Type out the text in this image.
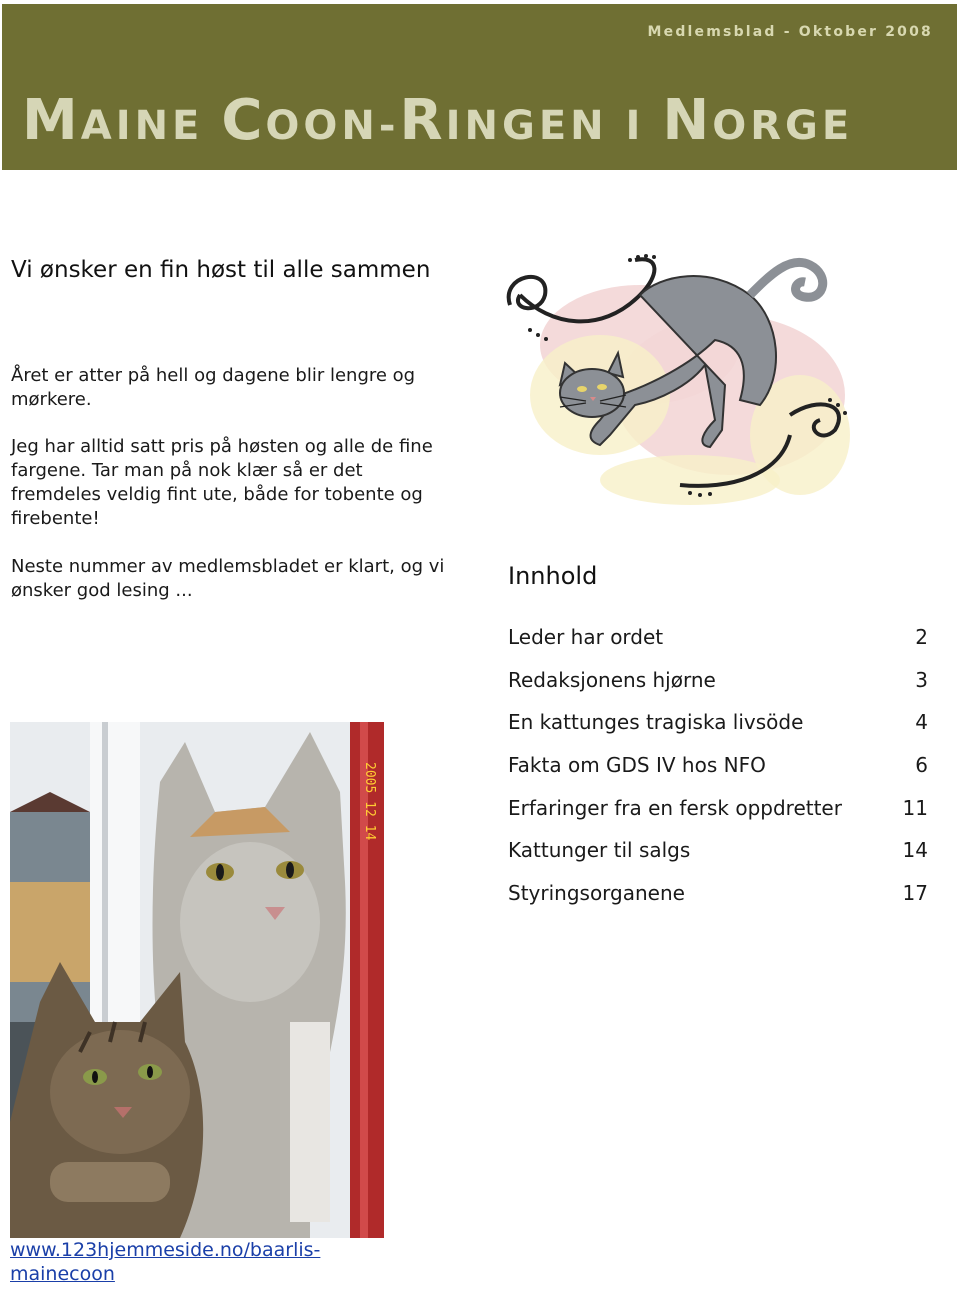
Medlemsblad - Oktober 2008
MAINE COON-RINGEN I NORGE
Vi ønsker en fin høst til alle sammen

Året er atter på hell og dagene blir lengre og mørkere.

Jeg har alltid satt pris på høsten og alle de fine fargene. Tar man på nok klær så er det fremdeles veldig fint ute, både for tobente og firebente!

Neste nummer av medlemsbladet er klart, og vi ønsker god lesing ...

Innhold
Leder har ordet	2
Redaksjonens hjørne	3
En kattunges tragiska livsöde	4
Fakta om GDS IV hos NFO	6
Erfaringer fra en fersk oppdretter	11
Kattunger til salgs	14
Styringsorganene	17
2005 12 14
www.123hjemmeside.no/baarlis-mainecoon
